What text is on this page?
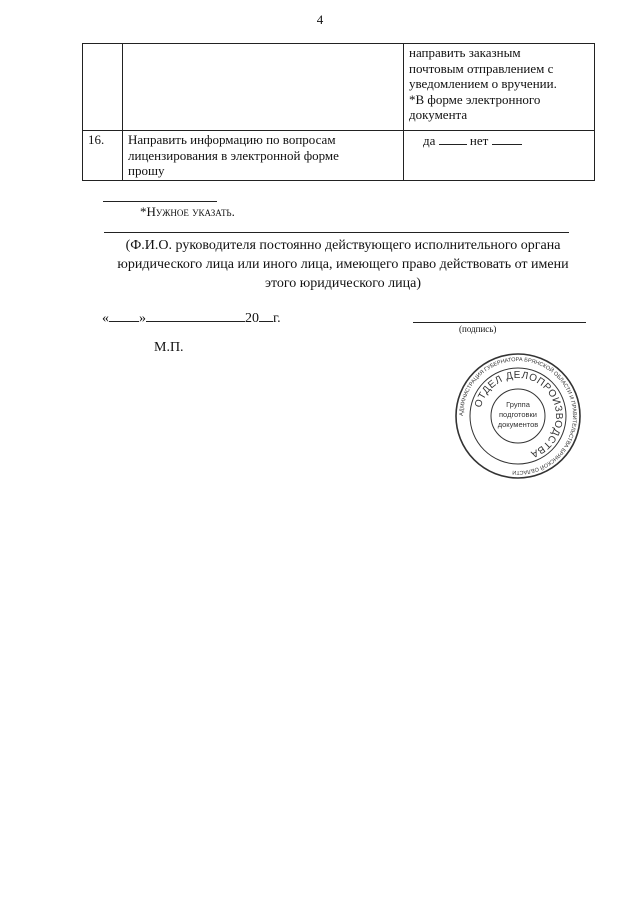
4

		направить заказным
почтовым отправлением с
уведомлением о вручении.
*В форме электронного
документа

16.	Направить информацию по вопросам
лицензирования в электронной форме
прошу	да нет
*Нужное указать.
(Ф.И.О. руководителя постоянно действующего исполнительного органа
юридического лица или иного лица, имеющего право действовать от имени
этого юридического лица)
« »	20 г.
(подпись)
М.П.
АДМИНИСТРАЦИЯ ГУБЕРНАТОРА БРЯНСКОЙ ОБЛАСТИ И ПРАВИТЕЛЬСТВА БРЯНСКОЙ ОБЛАСТИ
ОТДЕЛ ДЕЛОПРОИЗВОДСТВА
Группа
подготовки
документов
